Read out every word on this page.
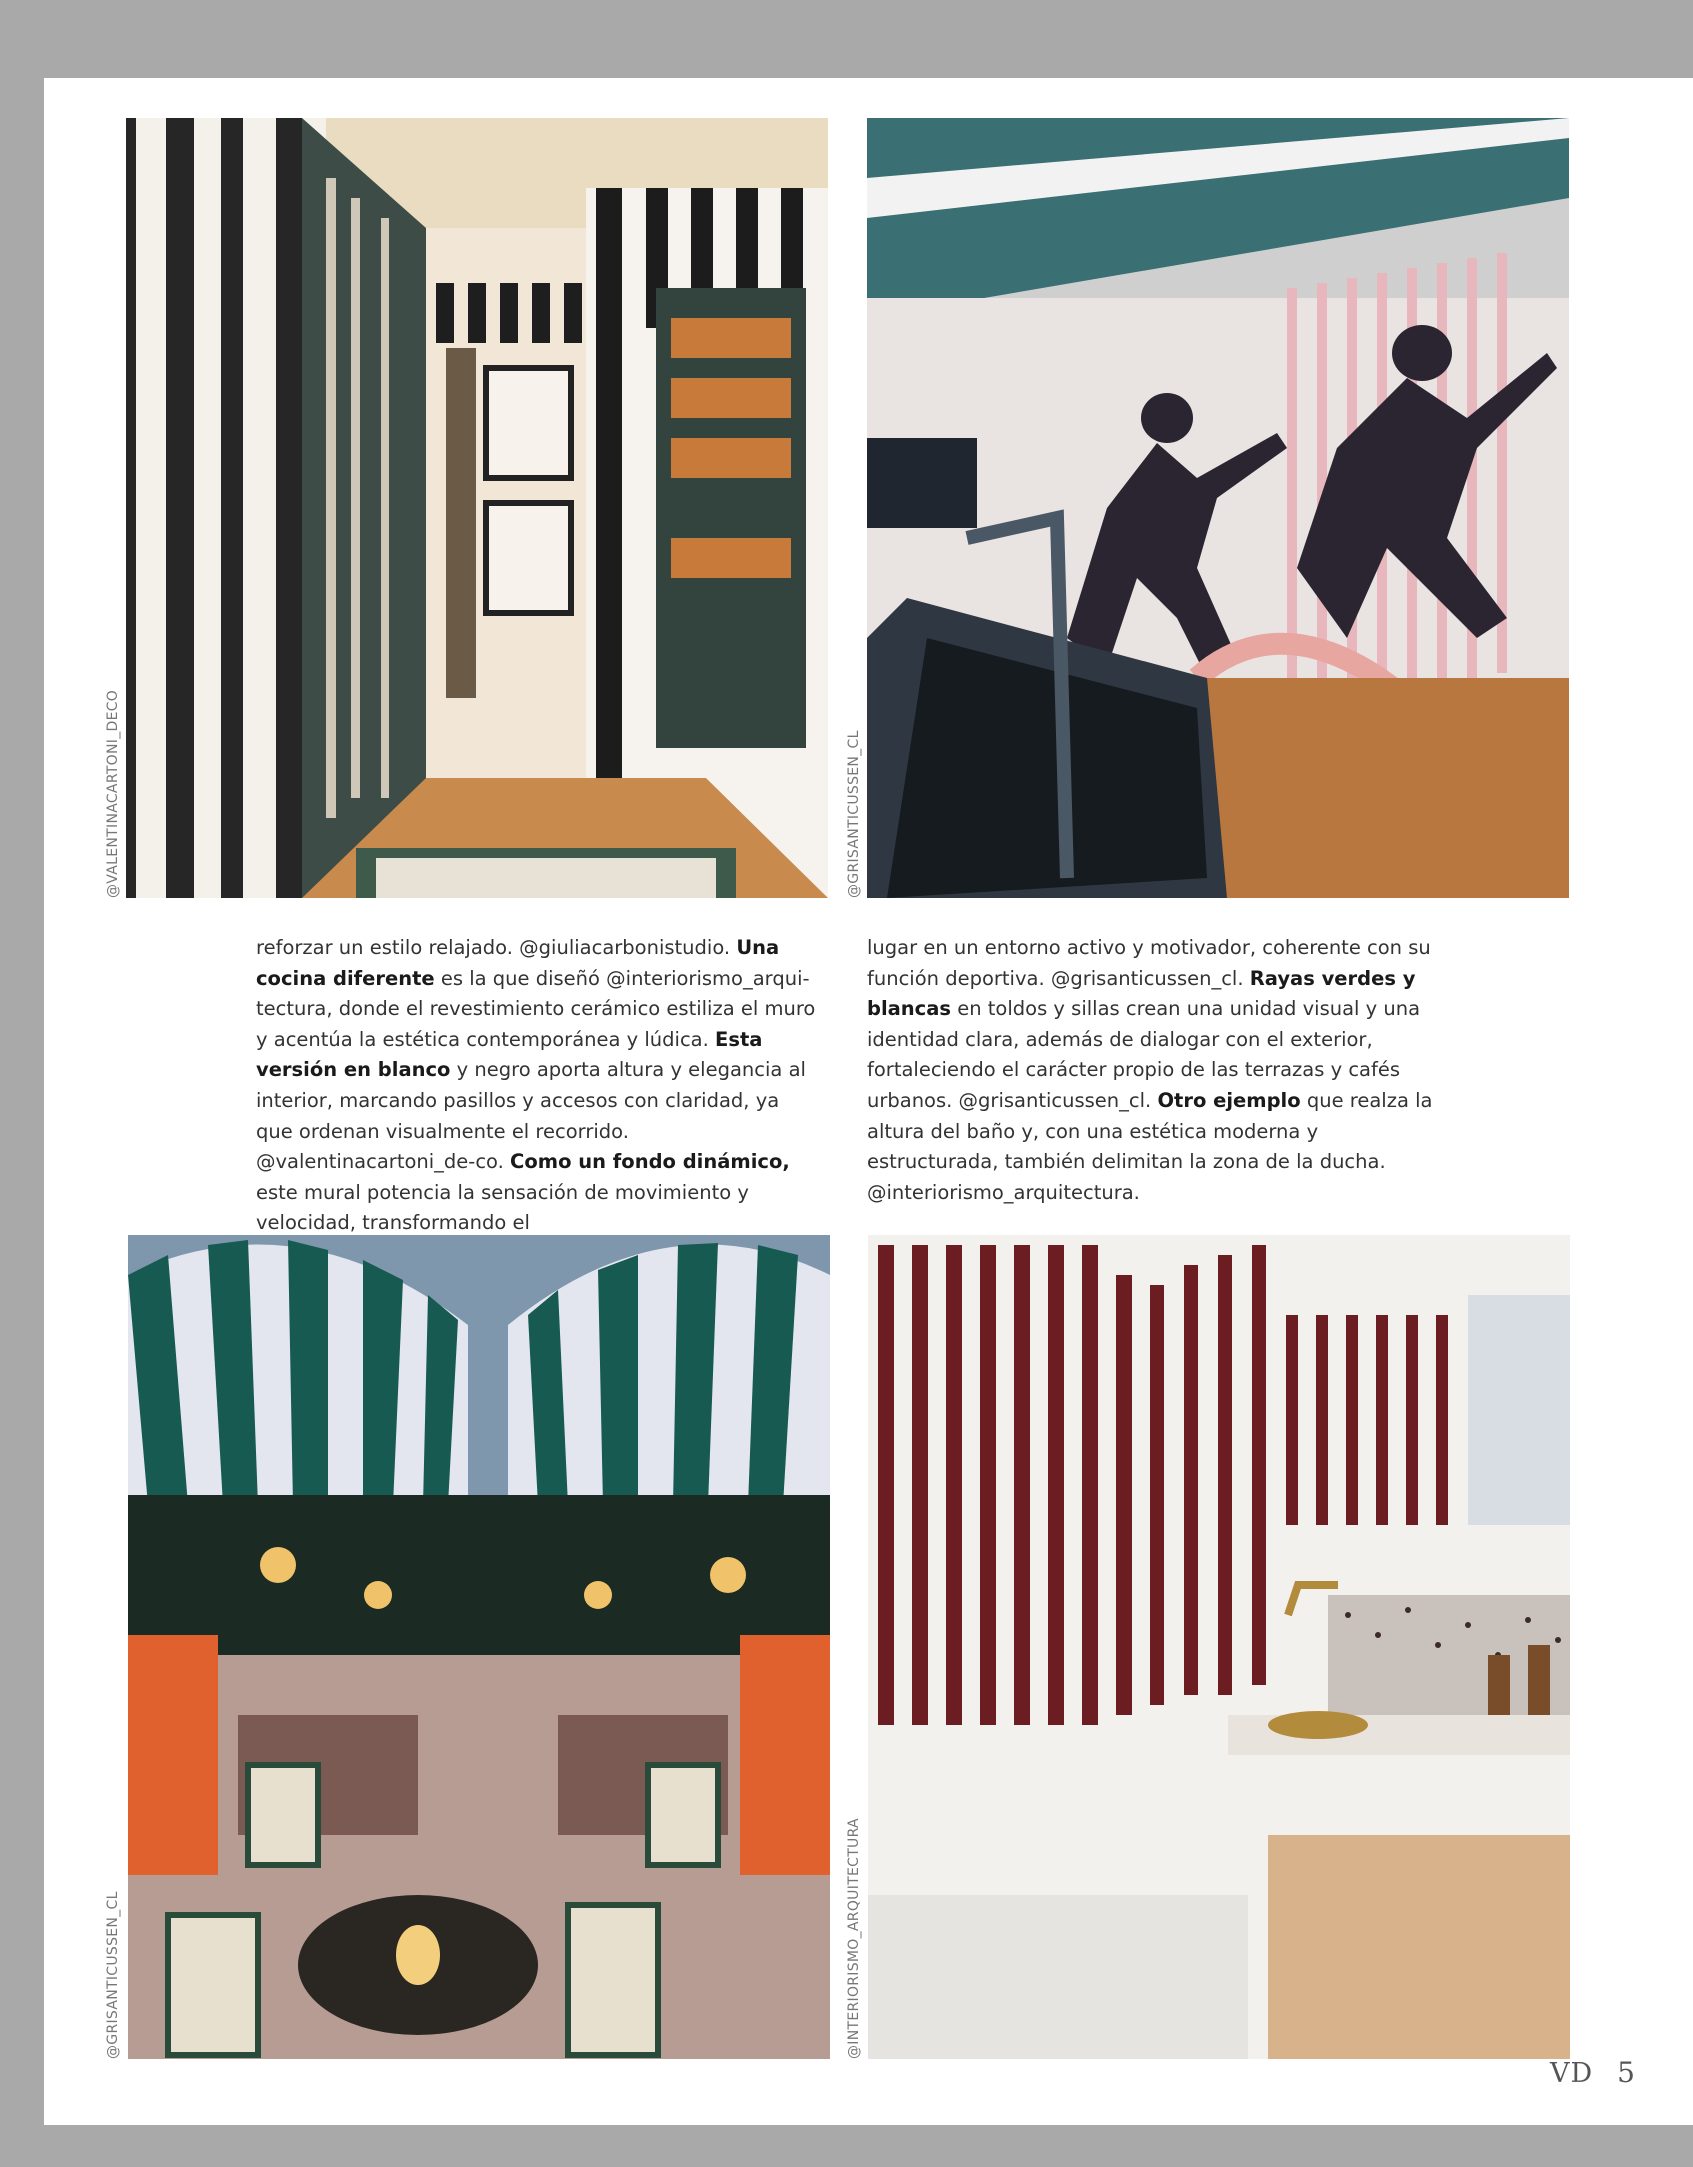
@VALENTINACARTONI_DECO	@GRISANTICUSSEN_CL
@GRISANTICUSSEN_CL	@INTERIORISMO_ARQUITECTURA

reforzar un estilo relajado. @giuliacarbonistudio. Una cocina diferente es la que diseñó @interiorismo_arqui-tectura, donde el revestimiento cerámico estiliza el muro y acentúa la estética contemporánea y lúdica. Esta versión en blanco y negro aporta altura y elegancia al interior, marcando pasillos y accesos con claridad, ya que ordenan visualmente el recorrido. @valentinacartoni_de-co. Como un fondo dinámico, este mural potencia la sensación de movimiento y velocidad, transformando el

lugar en un entorno activo y motivador, coherente con su función deportiva. @grisanticussen_cl. Rayas verdes y blancas en toldos y sillas crean una unidad visual y una identidad clara, además de dialogar con el exterior, fortaleciendo el carácter propio de las terrazas y cafés urbanos. @grisanticussen_cl. Otro ejemplo que realza la altura del baño y, con una estética moderna y estructurada, también delimitan la zona de la ducha. @interiorismo_arquitectura.

VD 5
